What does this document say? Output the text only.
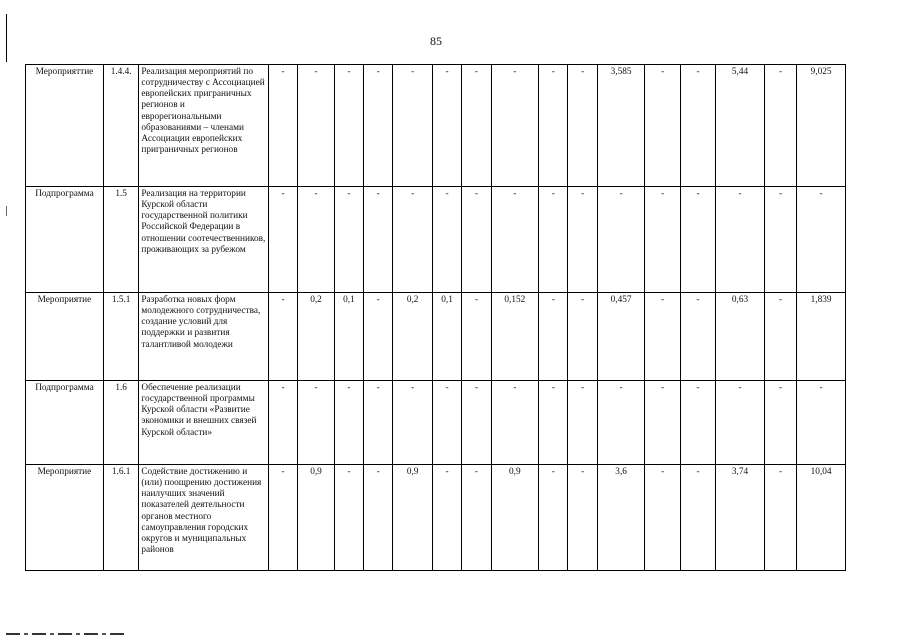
85
Мероприяттие	1.4.4.	Реализация мероприятий по сотрудничеству с Ассоциацией европейских приграничных регионов и еврорегиональными образованиями – членами Ассоциации европейских приграничных регионов	-	-	-	-	-	-	-	-	-	-	3,585	-	-	5,44	-	9,025
Подпрограмма	1.5	Реализация на территории Курской области государственной политики Российской Федерации в отношении соотечественников, проживающих за рубежом	-	-	-	-	-	-	-	-	-	-	-	-	-	-	-	-
Мероприятие	1.5.1	Разработка новых форм молодежного сотрудничества, создание условий для поддержки и развития талантливой молодежи	-	0,2	0,1	-	0,2	0,1	-	0,152	-	-	0,457	-	-	0,63	-	1,839
Подпрограмма	1.6	Обеспечение реализации государственной программы Курской области «Развитие экономики и внешних связей Курской области»	-	-	-	-	-	-	-	-	-	-	-	-	-	-	-	-
Мероприятие	1.6.1	Содействие достижению и (или) поощрению достижения наилучших значений показателей деятельности органов местного самоуправления городских округов и муниципальных районов	-	0,9	-	-	0,9	-	-	0,9	-	-	3,6	-	-	3,74	-	10,04
